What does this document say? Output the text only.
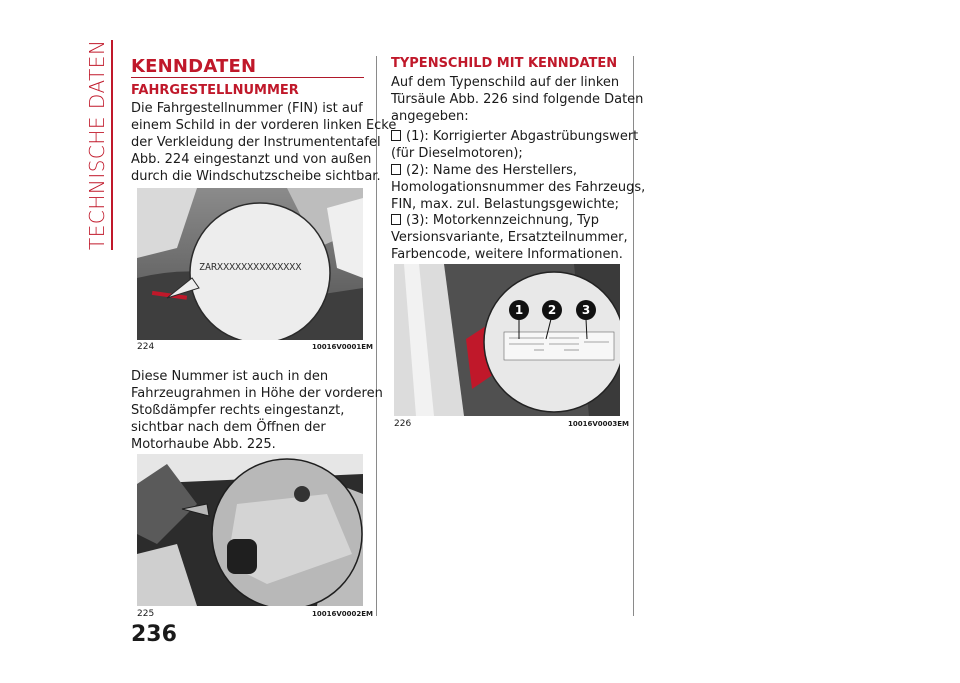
TECHNISCHE DATEN KENNDATEN
FAHRGESTELLNUMMER
Die Fahrgestellnummer (FIN) ist auf
einem Schild in der vorderen linken Ecke
der Verkleidung der Instrumententafel
Abb. 224 eingestanzt und von außen
durch die Windschutzscheibe sichtbar.
ZARXXXXXXXXXXXXXX
224	10016V0001EM
Diese Nummer ist auch in den
Fahrzeugrahmen in Höhe der vorderen
Stoßdämpfer rechts eingestanzt,
sichtbar nach dem Öffnen der
Motorhaube Abb. 225.
225	10016V0002EM
236
TYPENSCHILD MIT KENNDATEN
Auf dem Typenschild auf der linken
Türsäule Abb. 226 sind folgende Daten
angegeben:
(1): Korrigierter Abgastrübungswert
(für Dieselmotoren);
(2): Name des Herstellers,
Homologationsnummer des Fahrzeugs,
FIN, max. zul. Belastungsgewichte;
(3): Motorkennzeichnung, Typ
Versionsvariante, Ersatzteilnummer,
Farbencode, weitere Informationen.
1 2 3
226	10016V0003EM
